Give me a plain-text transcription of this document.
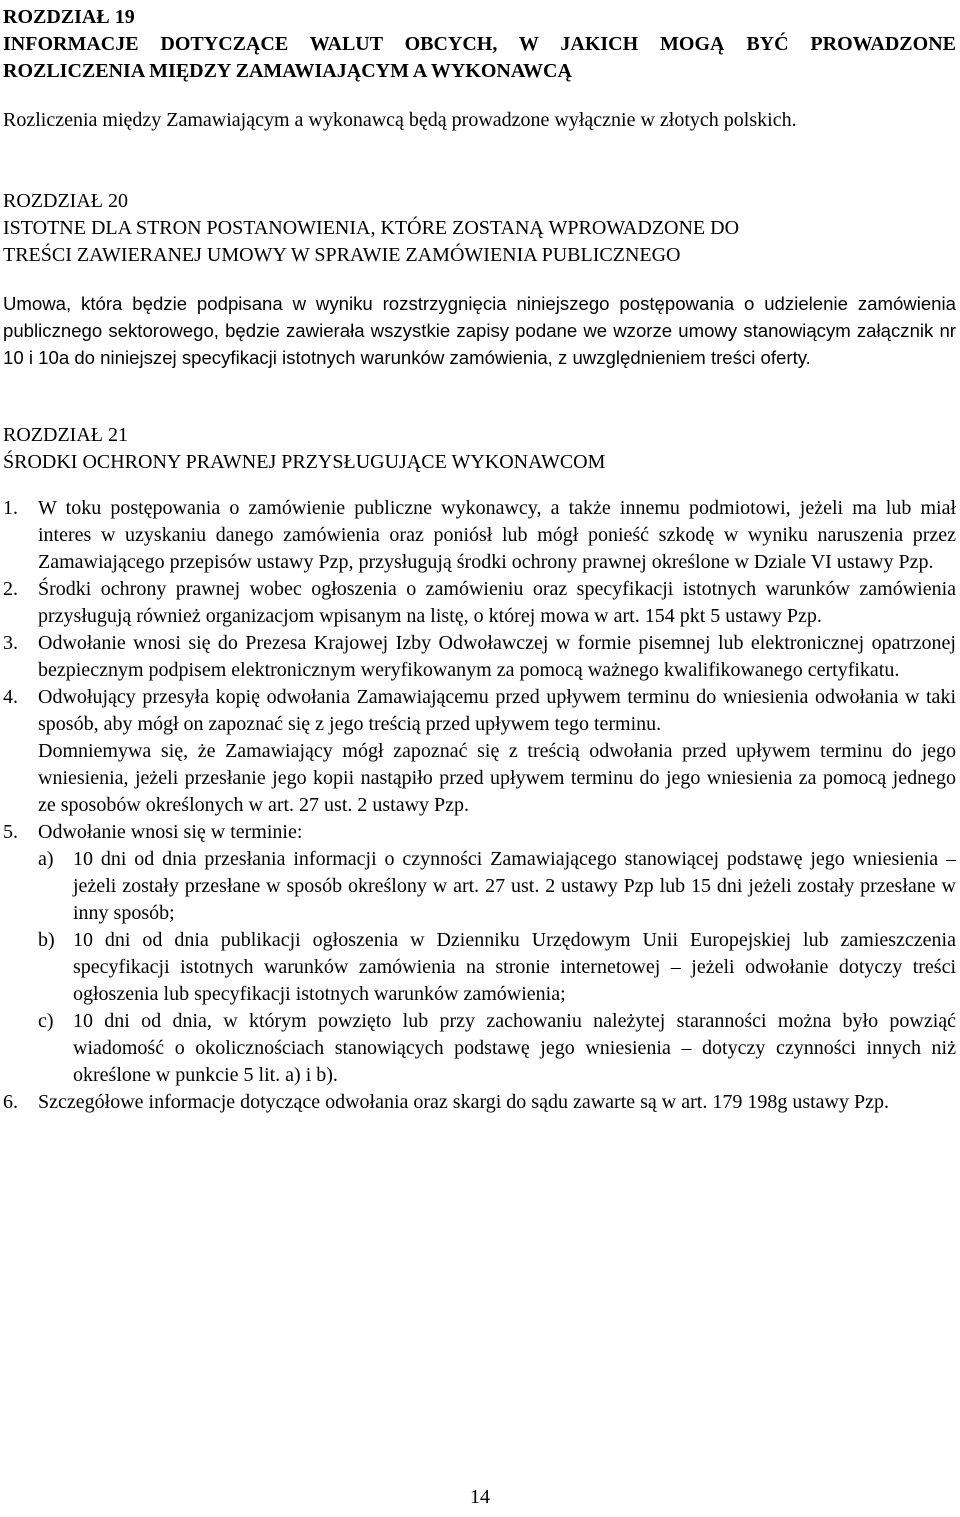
ROZDZIAŁ 19

INFORMACJE DOTYCZĄCE WALUT OBCYCH, W JAKICH MOGĄ BYĆ PROWADZONE ROZLICZENIA MIĘDZY ZAMAWIAJĄCYM A WYKONAWCĄ

Rozliczenia między Zamawiającym a wykonawcą będą prowadzone wyłącznie w złotych polskich.

ROZDZIAŁ 20

ISTOTNE DLA STRON POSTANOWIENIA, KTÓRE ZOSTANĄ WPROWADZONE DO
TREŚCI ZAWIERANEJ UMOWY W SPRAWIE ZAMÓWIENIA PUBLICZNEGO

Umowa, która będzie podpisana w wyniku rozstrzygnięcia niniejszego postępowania o udzielenie zamówienia publicznego sektorowego, będzie zawierała wszystkie zapisy podane we wzorze umowy stanowiącym załącznik nr 10 i 10a do niniejszej specyfikacji istotnych warunków zamówienia, z uwzględnieniem treści oferty.

ROZDZIAŁ 21

ŚRODKI OCHRONY PRAWNEJ PRZYSŁUGUJĄCE WYKONAWCOM

1. W toku postępowania o zamówienie publiczne wykonawcy, a także innemu podmiotowi, jeżeli ma lub miał interes w uzyskaniu danego zamówienia oraz poniósł lub mógł ponieść szkodę w wyniku naruszenia przez Zamawiającego przepisów ustawy Pzp, przysługują środki ochrony prawnej określone w Dziale VI ustawy Pzp.

2. Środki ochrony prawnej wobec ogłoszenia o zamówieniu oraz specyfikacji istotnych warunków zamówienia przysługują również organizacjom wpisanym na listę, o której mowa w art. 154 pkt 5 ustawy Pzp.

3. Odwołanie wnosi się do Prezesa Krajowej Izby Odwoławczej w formie pisemnej lub elektronicznej opatrzonej bezpiecznym podpisem elektronicznym weryfikowanym za pomocą ważnego kwalifikowanego certyfikatu.

4. Odwołujący przesyła kopię odwołania Zamawiającemu przed upływem terminu do wniesienia odwołania w taki sposób, aby mógł on zapoznać się z jego treścią przed upływem tego terminu.

Domniemywa się, że Zamawiający mógł zapoznać się z treścią odwołania przed upływem terminu do jego wniesienia, jeżeli przesłanie jego kopii nastąpiło przed upływem terminu do jego wniesienia za pomocą jednego ze sposobów określonych w art. 27 ust. 2 ustawy Pzp.

5. Odwołanie wnosi się w terminie:

a) 10 dni od dnia przesłania informacji o czynności Zamawiającego stanowiącej podstawę jego wniesienia – jeżeli zostały przesłane w sposób określony w art. 27 ust. 2 ustawy Pzp lub 15 dni jeżeli zostały przesłane w inny sposób;

b) 10 dni od dnia publikacji ogłoszenia w Dzienniku Urzędowym Unii Europejskiej lub zamieszczenia specyfikacji istotnych warunków zamówienia na stronie internetowej – jeżeli odwołanie dotyczy treści ogłoszenia lub specyfikacji istotnych warunków zamówienia;

c) 10 dni od dnia, w którym powzięto lub przy zachowaniu należytej staranności można było powziąć wiadomość o okolicznościach stanowiących podstawę jego wniesienia – dotyczy czynności innych niż określone w punkcie 5 lit. a) i b).

6. Szczegółowe informacje dotyczące odwołania oraz skargi do sądu zawarte są w art. 179 198g ustawy Pzp.

14
